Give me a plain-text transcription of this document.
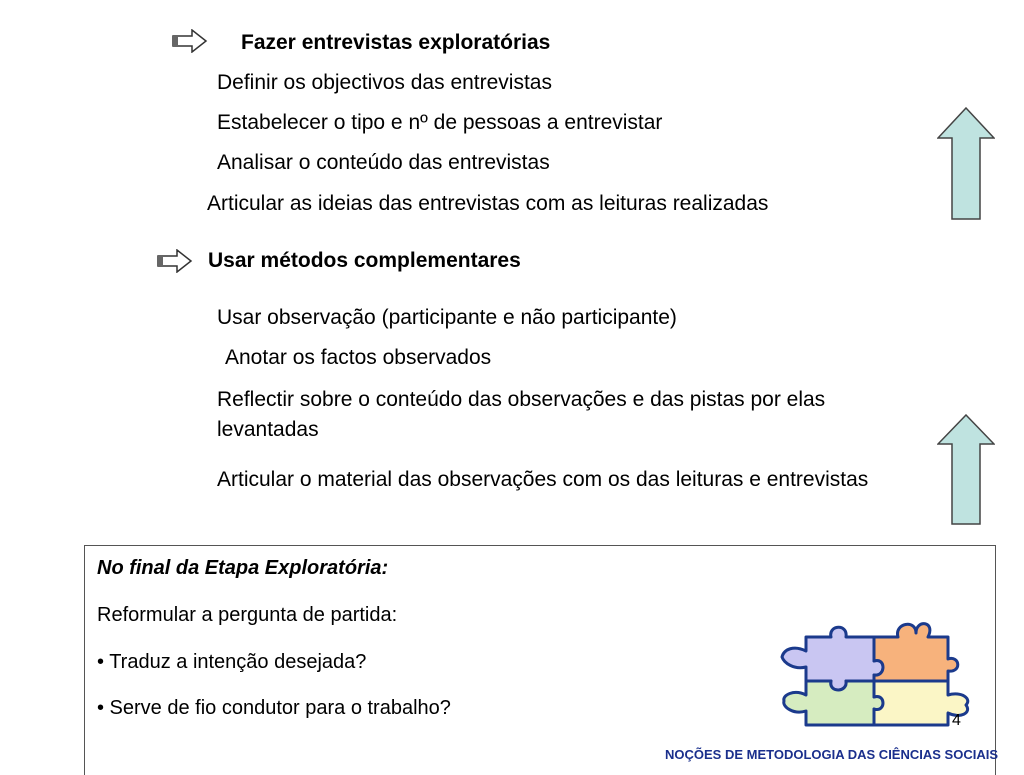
Fazer entrevistas exploratórias
Definir os objectivos das entrevistas
Estabelecer o tipo e nº de pessoas a entrevistar
Analisar o conteúdo das entrevistas
Articular as ideias das entrevistas com as leituras realizadas
Usar métodos complementares
Usar observação (participante e não participante)
Anotar os factos observados
Reflectir sobre o conteúdo das observações e das pistas por elas levantadas
Articular o material das observações com os das leituras e entrevistas
No final da Etapa Exploratória:
Reformular a pergunta de partida:
• Traduz a intenção desejada?
• Serve de fio condutor para o trabalho?
4
NOÇÕES DE METODOLOGIA DAS CIÊNCIAS SOCIAIS
